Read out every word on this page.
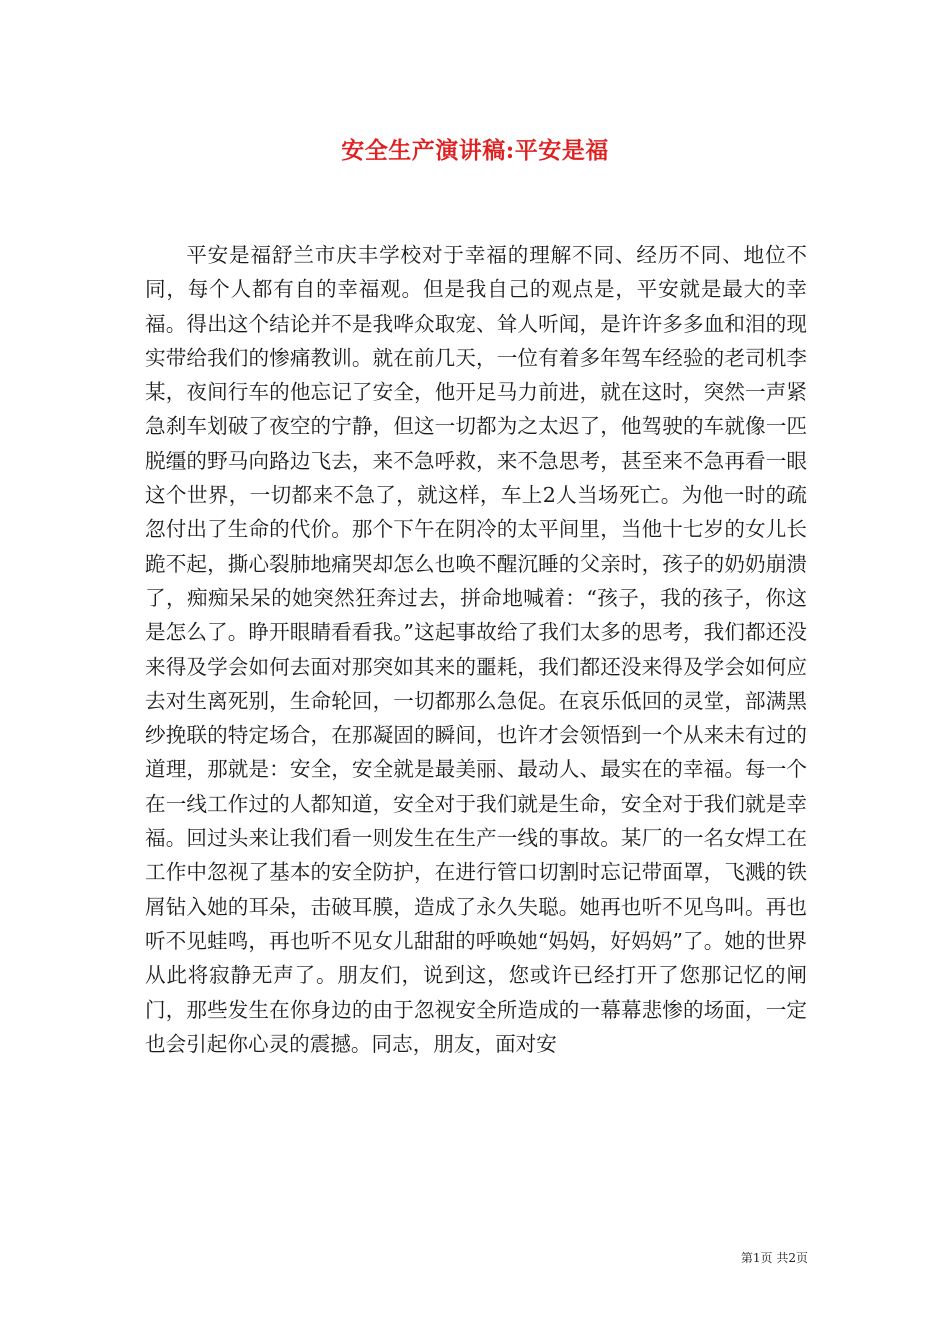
安全生产演讲稿:平安是福

平安是福舒兰市庆丰学校对于幸福的理解不同、经历不同、地位不同，每个人都有自的幸福观。但是我自己的观点是，平安就是最大的幸福。得出这个结论并不是我哗众取宠、耸人听闻，是许许多多血和泪的现实带给我们的惨痛教训。就在前几天，一位有着多年驾车经验的老司机李某，夜间行车的他忘记了安全，他开足马力前进，就在这时，突然一声紧急刹车划破了夜空的宁静，但这一切都为之太迟了，他驾驶的车就像一匹脱缰的野马向路边飞去，来不急呼救，来不急思考，甚至来不急再看一眼这个世界，一切都来不急了，就这样，车上2人当场死亡。为他一时的疏忽付出了生命的代价。那个下午在阴冷的太平间里，当他十七岁的女儿长跪不起，撕心裂肺地痛哭却怎么也唤不醒沉睡的父亲时，孩子的奶奶崩溃了，痴痴呆呆的她突然狂奔过去，拼命地喊着：“孩子，我的孩子，你这是怎么了。睁开眼睛看看我。”这起事故给了我们太多的思考，我们都还没来得及学会如何去面对那突如其来的噩耗，我们都还没来得及学会如何应去对生离死别，生命轮回，一切都那么急促。在哀乐低回的灵堂，部满黑纱挽联的特定场合，在那凝固的瞬间，也许才会领悟到一个从来未有过的道理，那就是：安全，安全就是最美丽、最动人、最实在的幸福。每一个在一线工作过的人都知道，安全对于我们就是生命，安全对于我们就是幸福。回过头来让我们看一则发生在生产一线的事故。某厂的一名女焊工在工作中忽视了基本的安全防护，在进行管口切割时忘记带面罩，飞溅的铁屑钻入她的耳朵，击破耳膜，造成了永久失聪。她再也听不见鸟叫。再也听不见蛙鸣，再也听不见女儿甜甜的呼唤她“妈妈，好妈妈”了。她的世界从此将寂静无声了。朋友们，说到这，您或许已经打开了您那记忆的闸门，那些发生在你身边的由于忽视安全所造成的一幕幕悲惨的场面，一定也会引起你心灵的震撼。同志，朋友，面对安

第1页 共2页
